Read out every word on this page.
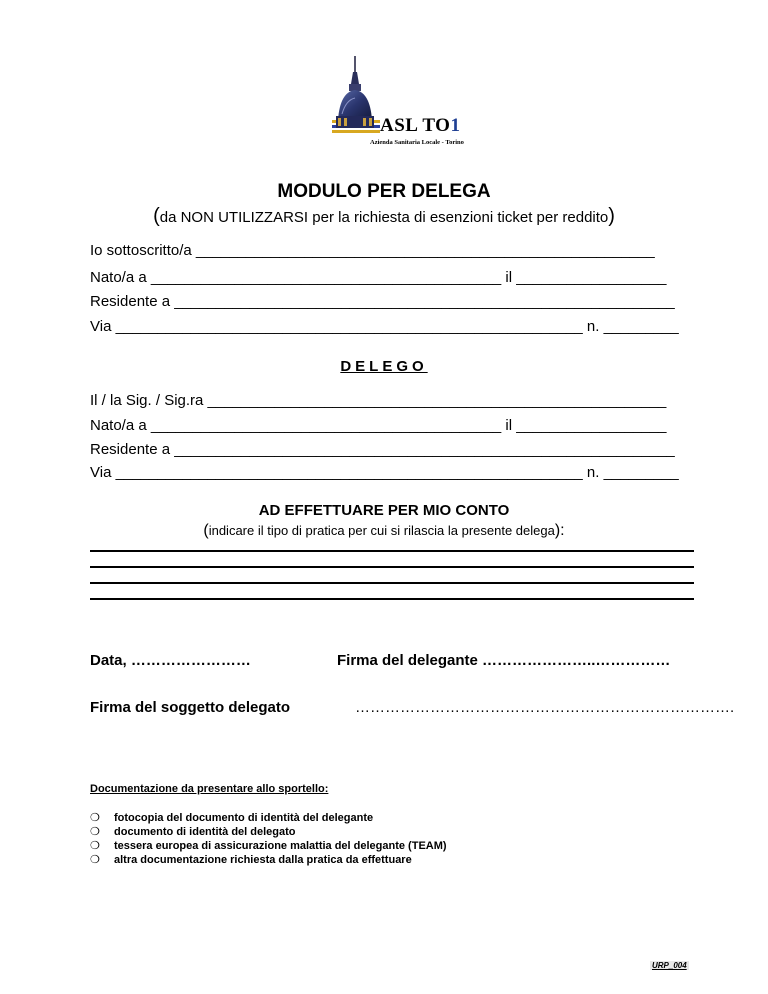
ASL TO1
Azienda Sanitaria Locale - Torino
MODULO PER DELEGA
(da NON UTILIZZARSI per la richiesta di esenzioni ticket per reddito)
Io sottoscritto/a _______________________________________________________
Nato/a a __________________________________________ il __________________
Residente a ____________________________________________________________
Via ________________________________________________________ n. _________
DELEGO
Il / la Sig. / Sig.ra _______________________________________________________
Nato/a a __________________________________________ il __________________
Residente a ____________________________________________________________
Via ________________________________________________________ n. _________
AD EFFETTUARE PER MIO CONTO
(indicare il tipo di pratica per cui si rilascia la presente delega):
Data, ……………………	Firma del delegante …………………..……………
Firma del soggetto delegato	………………………………………………………………….
Documentazione da presentare allo sportello:
❍ fotocopia del documento di identità del delegante
❍ documento di identità del delegato
❍ tessera europea di assicurazione malattia del delegante (TEAM)
❍ altra documentazione richiesta dalla pratica da effettuare
URP_004
